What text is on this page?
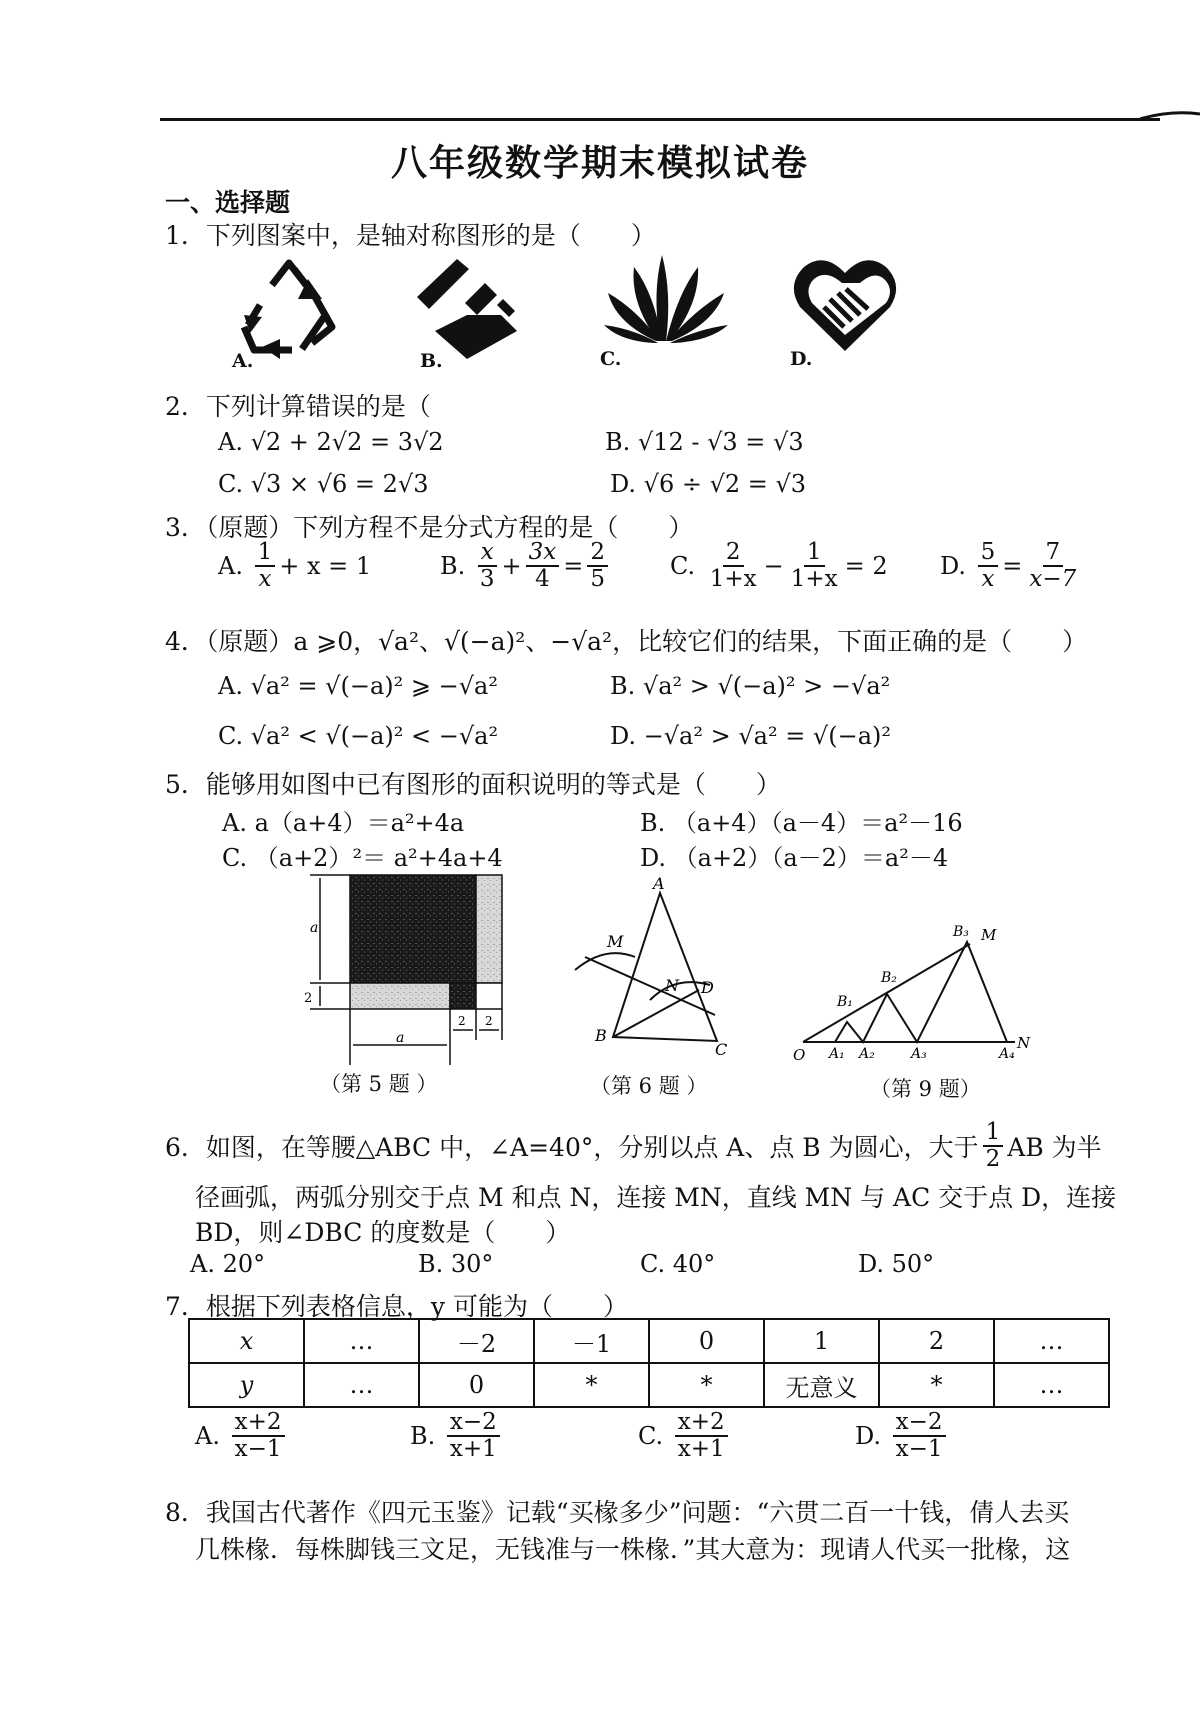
八年级数学期末模拟试卷
一、选择题
1．下列图案中，是轴对称图形的是（　　）
A.	B.	C.	D.
2．下列计算错误的是（
A. √2 + 2√2 = 3√2	B. √12 - √3 = √3
C. √3 × √6 = 2√3	D. √6 ÷ √2 = √3
3．（原题）下列方程不是分式方程的是（　　）
A.
$\frac{1}{x} + x = 1$	B.
$\frac{x}{3} + \frac{3x}{4} = \frac{2}{5}$	C.
$\frac{2}{1+x} - \frac{1}{1+x} = 2$ D.
$\frac{5}{x} = \frac{7}{x-7}$
4．（原题）a ⩾0，√a²、√(−a)²、−√a²，比较它们的结果，下面正确的是（　　）
A. √a² = √(−a)² ⩾ −√a²	B. √a² > √(−a)² > −√a²
C. √a² < √(−a)² < −√a²	D. −√a² > √a² = √(−a)²
5．能够用如图中已有图形的面积说明的等式是（　　）
A. a（a+4）＝a²+4a	B. （a+4）（a－4）＝a²－16
C. （a+2）²＝ a²+4a+4	D. （a+2）（a－2）＝a²－4
a
2
a
2 2
（第 5 题 ）
A
B
C
M
N D
（第 6 题 ）
O A₁ A₂	A₃	A₄
N
B₁
B₂
B₃ M
（第 9 题）
6．如图，在等腰△ABC 中，∠A=40°，分别以点 A、点 B 为圆心，大于 $\frac{1}{2}$ AB 为半
径画弧，两弧分别交于点 M 和点 N，连接 MN，直线 MN 与 AC 交于点 D，连接
BD，则∠DBC 的度数是（　　）
A. 20°	B. 30°	C. 40°	D. 50°
7．根据下列表格信息，y 可能为（　　）
x	…	－2	－1	0	1	2	…
y	…	0	*	*	无意义	*	…
A.
$\frac{x+2}{x-1}$	B.
$\frac{x-2}{x+1}$	C.
$\frac{x+2}{x+1}$	D.
$\frac{x-2}{x-1}$
8．我国古代著作《四元玉鉴》记载“买椽多少”问题：“六贯二百一十钱，倩人去买
几株椽．每株脚钱三文足，无钱准与一株椽．”其大意为：现请人代买一批椽，这
